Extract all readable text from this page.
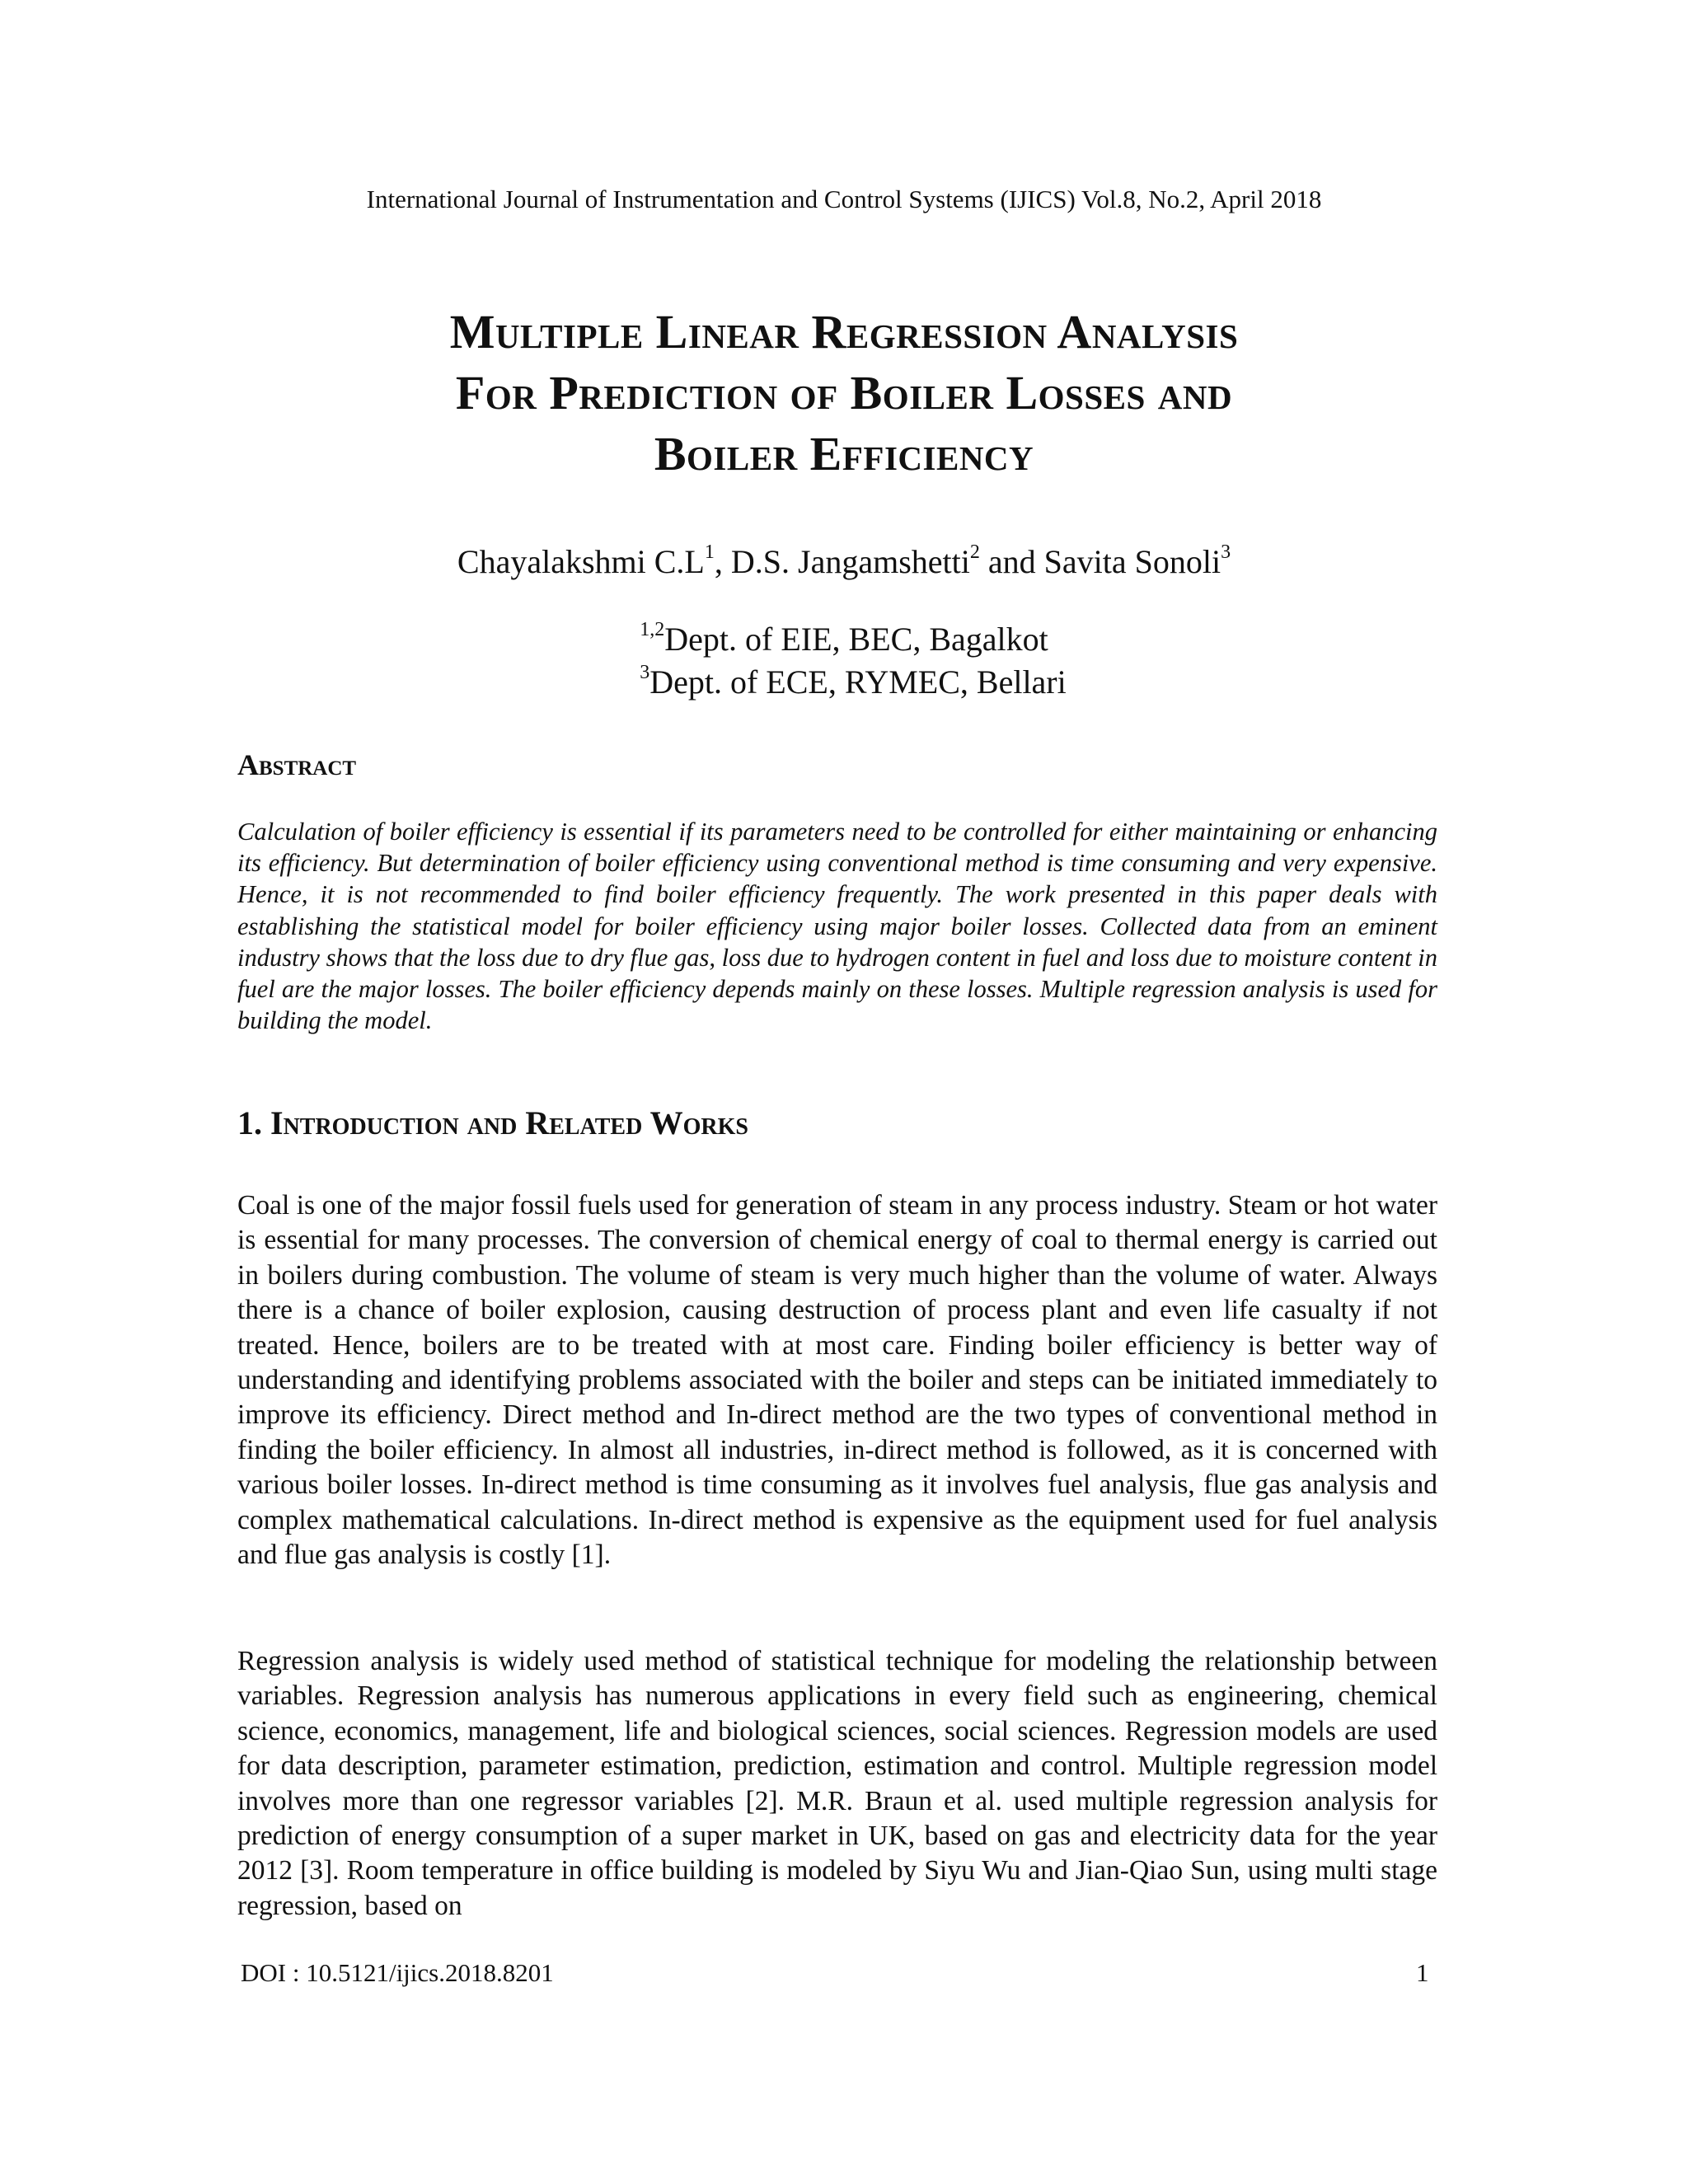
International Journal of Instrumentation and Control Systems (IJICS) Vol.8, No.2, April 2018
Multiple Linear Regression Analysis
For Prediction of Boiler Losses and
Boiler Efficiency
Chayalakshmi $C.L^1$, D.S. Jangamshetti$^2$ and Savita Sonoli$^3$
$^{1,2}$Dept. of EIE, BEC, Bagalkot
$^3$Dept. of ECE, RYMEC, Bellari
Abstract

Calculation of boiler efficiency is essential if its parameters need to be controlled for either maintaining or enhancing its efficiency. But determination of boiler efficiency using conventional method is time consuming and very expensive. Hence, it is not recommended to find boiler efficiency frequently. The work presented in this paper deals with establishing the statistical model for boiler efficiency using major boiler losses. Collected data from an eminent industry shows that the loss due to dry flue gas, loss due to hydrogen content in fuel and loss due to moisture content in fuel are the major losses. The boiler efficiency depends mainly on these losses. Multiple regression analysis is used for building the model.

1. Introduction and Related Works

Coal is one of the major fossil fuels used for generation of steam in any process industry. Steam or hot water is essential for many processes. The conversion of chemical energy of coal to thermal energy is carried out in boilers during combustion. The volume of steam is very much higher than the volume of water. Always there is a chance of boiler explosion, causing destruction of process plant and even life casualty if not treated. Hence, boilers are to be treated with at most care. Finding boiler efficiency is better way of understanding and identifying problems associated with the boiler and steps can be initiated immediately to improve its efficiency. Direct method and In-direct method are the two types of conventional method in finding the boiler efficiency. In almost all industries, in-direct method is followed, as it is concerned with various boiler losses. In-direct method is time consuming as it involves fuel analysis, flue gas analysis and complex mathematical calculations. In-direct method is expensive as the equipment used for fuel analysis and flue gas analysis is costly [1].

Regression analysis is widely used method of statistical technique for modeling the relationship between variables. Regression analysis has numerous applications in every field such as engineering, chemical science, economics, management, life and biological sciences, social sciences. Regression models are used for data description, parameter estimation, prediction, estimation and control. Multiple regression model involves more than one regressor variables [2]. M.R. Braun et al. used multiple regression analysis for prediction of energy consumption of a super market in UK, based on gas and electricity data for the year 2012 [3]. Room temperature in office building is modeled by Siyu Wu and Jian-Qiao Sun, using multi stage regression, based on

DOI : 10.5121/ijics.2018.8201	1
